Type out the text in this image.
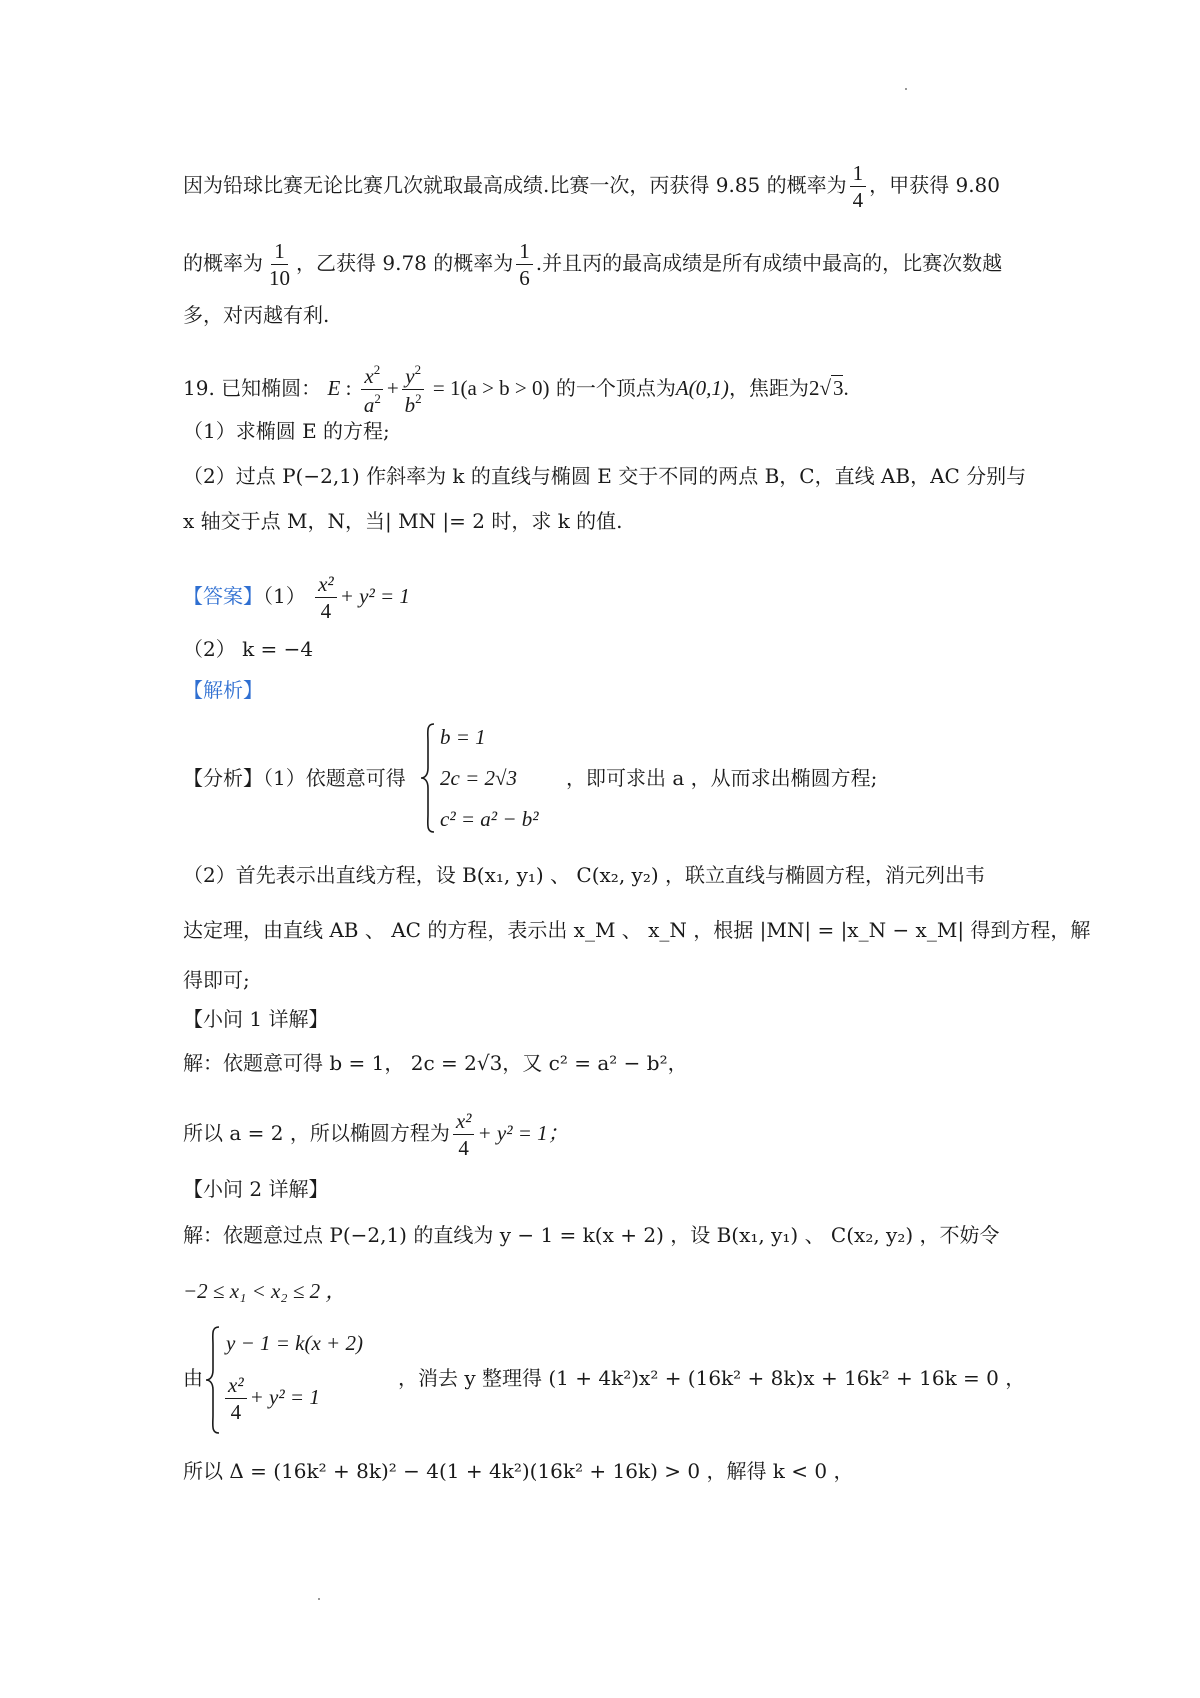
因为铅球比赛无论比赛几次就取最高成绩.比赛一次，丙获得 9.85 的概率为 $\frac{1}{4}$ ，甲获得 9.80
的概率为 $\frac{1}{10}$ ，乙获得 9.78 的概率为 $\frac{1}{6}$ .并且丙的最高成绩是所有成绩中最高的，比赛次数越
多，对丙越有利.
19. 已知椭圆： E : $\frac{x^2}{a^2} + \frac{y^2}{b^2} = 1(a > b > 0)$ 的一个顶点为A(0,1)，焦距为2√3.
（1）求椭圆 E 的方程;
（2）过点 P(−2,1) 作斜率为 k 的直线与椭圆 E 交于不同的两点 B，C，直线 AB，AC 分别与
x 轴交于点 M，N，当| MN |= 2 时，求 k 的值.
【答案】$(1) \frac{\text{x²}}{4} + y^2 = 1$
（2） k = −4
【解析】
【分析】（1）依题意可得
b = 1
2c = 2√3
c² = a² − b²
，即可求出 a ，从而求出椭圆方程;
（2）首先表示出直线方程，设 B(x₁, y₁) 、 C(x₂, y₂) ，联立直线与椭圆方程，消元列出韦
达定理，由直线 AB 、 AC 的方程，表示出 x_M 、 x_N ，根据 |MN| = |x_N − x_M| 得到方程，解
得即可;
【小问 1 详解】
解：依题意可得 b = 1， 2c = 2√3，又 c² = a² − b²，
所以 a = 2 ，所以椭圆方程为 $\frac{\text{x²}}{4} + y^2 = 1$；
【小问 2 详解】
解：依题意过点 P(−2,1) 的直线为 y − 1 = k(x + 2) ，设 B(x₁, y₁) 、 C(x₂, y₂) ，不妨令
−2 ≤ x₁ < x₂ ≤ 2 ，
由
y − 1 = k(x + 2)
$\frac{\text{x²}}{4} + y^2 = 1$
，消去 y 整理得 (1 + 4k²)x² + (16k² + 8k)x + 16k² + 16k = 0 ，
所以 Δ = (16k² + 8k)² − 4(1 + 4k²)(16k² + 16k) > 0 ，解得 k < 0 ，
